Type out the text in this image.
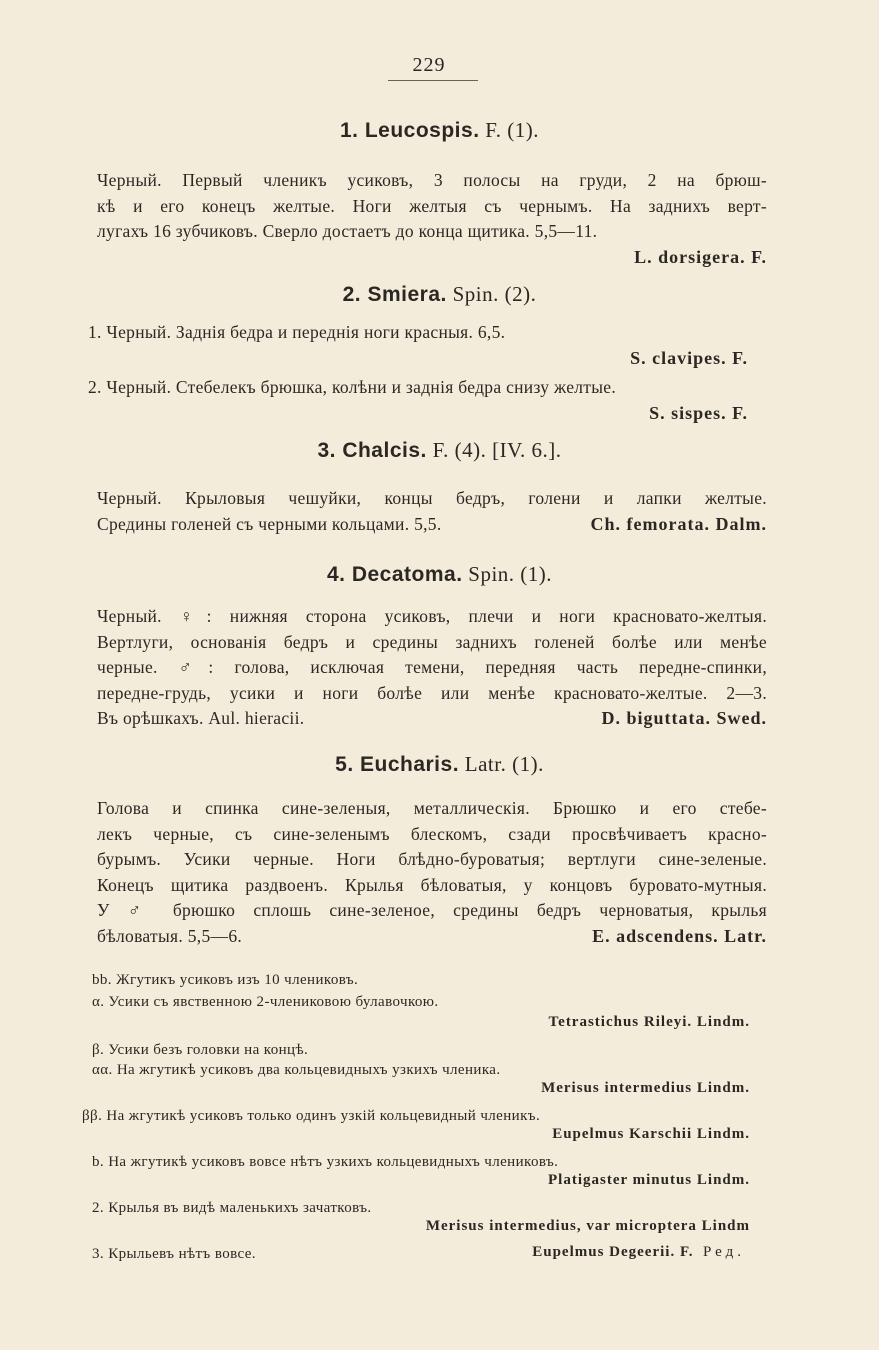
229
1. Leucospis. F. (1).
Черный. Первый членикъ усиковъ, 3 полосы на груди, 2 на брюш-
кѣ и его конецъ желтые. Ноги желтыя съ чернымъ. На заднихъ верт-
лугахъ 16 зубчиковъ. Сверло достаетъ до конца щитика. 5,5—11.
L. dorsigera. F.
2. Smiera. Spin. (2).
1. Черный. Заднія бедра и переднія ноги красныя. 6,5.
S. clavipes. F.
2. Черный. Стебелекъ брюшка, колѣни и заднія бедра снизу желтые.
S. sispes. F.
3. Chalcis. F. (4). [IV. 6.].
Черный. Крыловыя чешуйки, концы бедръ, голени и лапки желтые.
Средины голеней съ черными кольцами. 5,5.	Ch. femorata. Dalm.
4. Decatoma. Spin. (1).
Черный. ♀: нижняя сторона усиковъ, плечи и ноги красновато-желтыя.
Вертлуги, основанія бедръ и средины заднихъ голеней болѣе или менѣе
черные. ♂: голова, исключая темени, передняя часть передне-спинки,
передне-грудь, усики и ноги болѣе или менѣе красновато-желтые. 2—3.
Въ орѣшкахъ. Aul. hieracii.	D. biguttata. Swed.
5. Eucharis. Latr. (1).
Голова и спинка сине-зеленыя, металлическія. Брюшко и его стебе-
лекъ черные, съ сине-зеленымъ блескомъ, сзади просвѣчиваетъ красно-
бурымъ. Усики черные. Ноги блѣдно-буроватыя; вертлуги сине-зеленые.
Конецъ щитика раздвоенъ. Крылья бѣловатыя, у концовъ буровато-мутныя.
У ♂ брюшко сплошь сине-зеленое, средины бедръ черноватыя, крылья
бѣловатыя. 5,5—6.	E. adscendens. Latr.
bb. Жгутикъ усиковъ изъ 10 члениковъ.
α. Усики съ явственною 2-члениковою булавочкою.
Tetrastichus Rileyi. Lindm.
β. Усики безъ головки на концѣ.
αα. На жгутикѣ усиковъ два кольцевидныхъ узкихъ членика.
Merisus intermedius Lindm.
ββ. На жгутикѣ усиковъ только одинъ узкій кольцевидный членикъ.
Eupelmus Karschii Lindm.
b. На жгутикѣ усиковъ вовсе нѣтъ узкихъ кольцевидныхъ члениковъ.
Platigaster minutus Lindm.
2. Крылья въ видѣ маленькихъ зачатковъ.
Merisus intermedius, var micropterа Lindm
3. Крыльевъ нѣтъ вовсе.	Eupelmus Degeerii. F. Ред.
